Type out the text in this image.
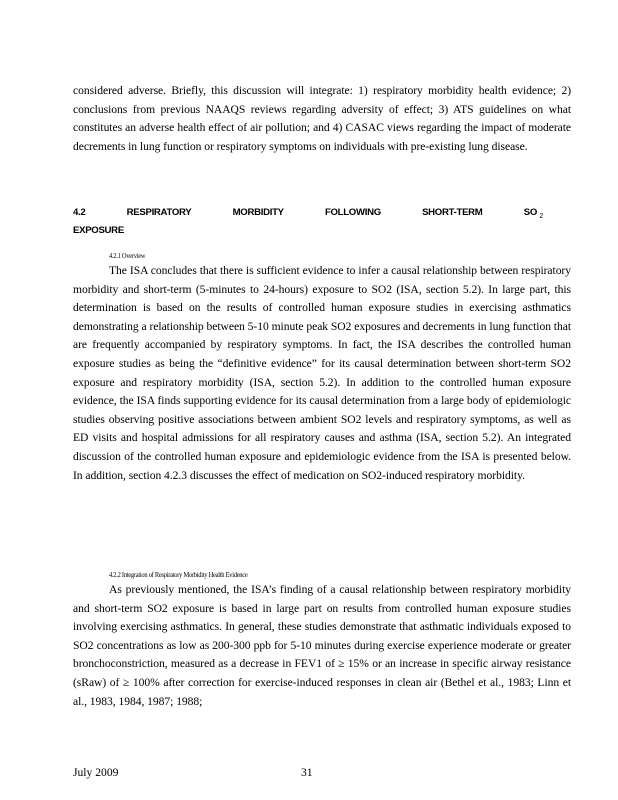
considered adverse. Briefly, this discussion will integrate: 1) respiratory morbidity health evidence; 2) conclusions from previous NAAQS reviews regarding adversity of effect; 3) ATS guidelines on what constitutes an adverse health effect of air pollution; and 4) CASAC views regarding the impact of moderate decrements in lung function or respiratory symptoms on individuals with pre-existing lung disease.

4.2	RESPIRATORY	MORBIDITY	FOLLOWING	SHORT-TERM	SO $_2$
EXPOSURE
4.2.1 Overview

The ISA concludes that there is sufficient evidence to infer a causal relationship between respiratory morbidity and short-term (5-minutes to 24-hours) exposure to SO2 (ISA, section 5.2). In large part, this determination is based on the results of controlled human exposure studies in exercising asthmatics demonstrating a relationship between 5-10 minute peak SO2 exposures and decrements in lung function that are frequently accompanied by respiratory symptoms. In fact, the ISA describes the controlled human exposure studies as being the “definitive evidence” for its causal determination between short-term SO2 exposure and respiratory morbidity (ISA, section 5.2). In addition to the controlled human exposure evidence, the ISA finds supporting evidence for its causal determination from a large body of epidemiologic studies observing positive associations between ambient SO2 levels and respiratory symptoms, as well as ED visits and hospital admissions for all respiratory causes and asthma (ISA, section 5.2). An integrated discussion of the controlled human exposure and epidemiologic evidence from the ISA is presented below. In addition, section 4.2.3 discusses the effect of medication on SO2-induced respiratory morbidity.

4.2.2 Integration of Respiratory Morbidity Health Evidence

As previously mentioned, the ISA’s finding of a causal relationship between respiratory morbidity and short-term SO2 exposure is based in large part on results from controlled human exposure studies involving exercising asthmatics. In general, these studies demonstrate that asthmatic individuals exposed to SO2 concentrations as low as 200-300 ppb for 5-10 minutes during exercise experience moderate or greater bronchoconstriction, measured as a decrease in FEV1 of ≥ 15% or an increase in specific airway resistance (sRaw) of ≥ 100% after correction for exercise-induced responses in clean air (Bethel et al., 1983; Linn et al., 1983, 1984, 1987; 1988;

July 2009	31
